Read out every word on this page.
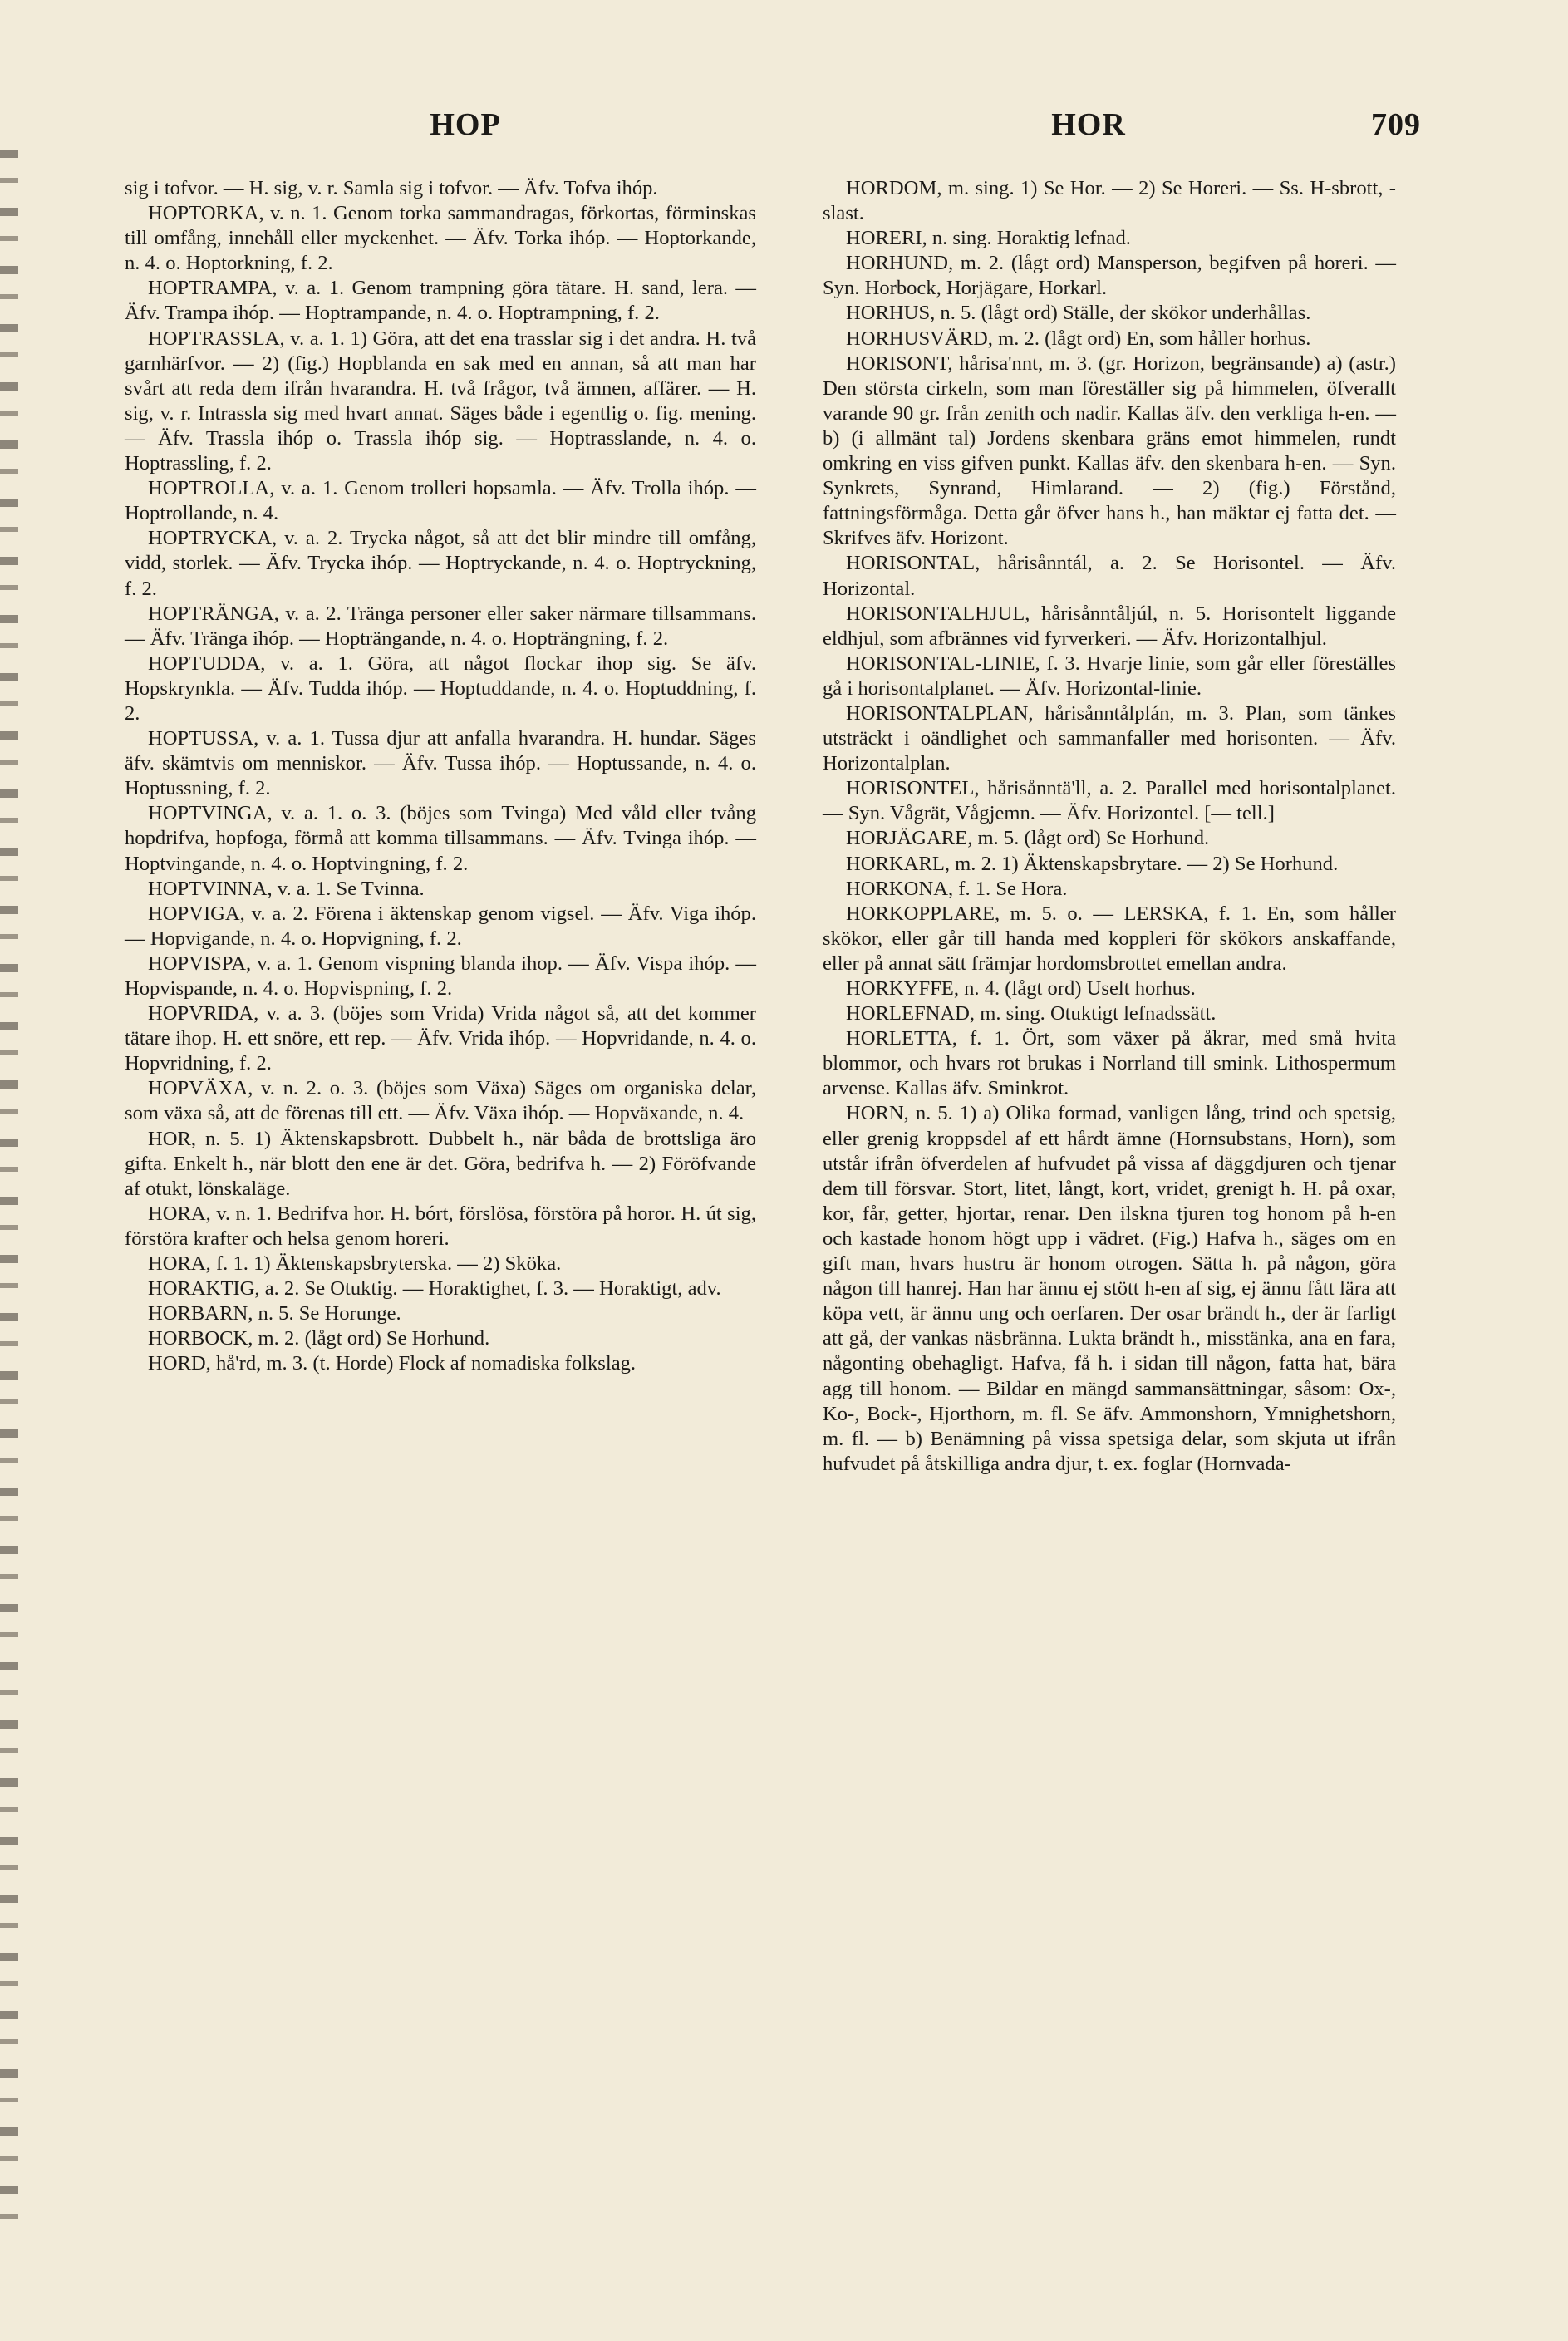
HOP	HOR	709

sig i tofvor. — H. sig, v. r. Samla sig i tofvor. — Äfv. Tofva ihóp.

HOPTORKA, v. n. 1. Genom torka sammandragas, förkortas, förminskas till omfång, innehåll eller myckenhet. — Äfv. Torka ihóp. — Hoptorkande, n. 4. o. Hoptorkning, f. 2.

HOPTRAMPA, v. a. 1. Genom trampning göra tätare. H. sand, lera. — Äfv. Trampa ihóp. — Hoptrampande, n. 4. o. Hoptrampning, f. 2.

HOPTRASSLA, v. a. 1. 1) Göra, att det ena trasslar sig i det andra. H. två garnhärfvor. — 2) (fig.) Hopblanda en sak med en annan, så att man har svårt att reda dem ifrån hvarandra. H. två frågor, två ämnen, affärer. — H. sig, v. r. Intrassla sig med hvart annat. Säges både i egentlig o. fig. mening. — Äfv. Trassla ihóp o. Trassla ihóp sig. — Hoptrasslande, n. 4. o. Hoptrassling, f. 2.

HOPTROLLA, v. a. 1. Genom trolleri hopsamla. — Äfv. Trolla ihóp. — Hoptrollande, n. 4.

HOPTRYCKA, v. a. 2. Trycka något, så att det blir mindre till omfång, vidd, storlek. — Äfv. Trycka ihóp. — Hoptryckande, n. 4. o. Hoptryckning, f. 2.

HOPTRÄNGA, v. a. 2. Tränga personer eller saker närmare tillsammans. — Äfv. Tränga ihóp. — Hopträngande, n. 4. o. Hopträngning, f. 2.

HOPTUDDA, v. a. 1. Göra, att något flockar ihop sig. Se äfv. Hopskrynkla. — Äfv. Tudda ihóp. — Hoptuddande, n. 4. o. Hoptuddning, f. 2.

HOPTUSSA, v. a. 1. Tussa djur att anfalla hvarandra. H. hundar. Säges äfv. skämtvis om menniskor. — Äfv. Tussa ihóp. — Hoptussande, n. 4. o. Hoptussning, f. 2.

HOPTVINGA, v. a. 1. o. 3. (böjes som Tvinga) Med våld eller tvång hopdrifva, hopfoga, förmå att komma tillsammans. — Äfv. Tvinga ihóp. — Hoptvingande, n. 4. o. Hoptvingning, f. 2.

HOPTVINNA, v. a. 1. Se Tvinna.

HOPVIGA, v. a. 2. Förena i äktenskap genom vigsel. — Äfv. Viga ihóp. — Hopvigande, n. 4. o. Hopvigning, f. 2.

HOPVISPA, v. a. 1. Genom vispning blanda ihop. — Äfv. Vispa ihóp. — Hopvispande, n. 4. o. Hopvispning, f. 2.

HOPVRIDA, v. a. 3. (böjes som Vrida) Vrida något så, att det kommer tätare ihop. H. ett snöre, ett rep. — Äfv. Vrida ihóp. — Hopvridande, n. 4. o. Hopvridning, f. 2.

HOPVÄXA, v. n. 2. o. 3. (böjes som Växa) Säges om organiska delar, som växa så, att de förenas till ett. — Äfv. Växa ihóp. — Hopväxande, n. 4.

HOR, n. 5. 1) Äktenskapsbrott. Dubbelt h., när båda de brottsliga äro gifta. Enkelt h., när blott den ene är det. Göra, bedrifva h. — 2) Föröfvande af otukt, lönskaläge.

HORA, v. n. 1. Bedrifva hor. H. bórt, förslösa, förstöra på horor. H. út sig, förstöra krafter och helsa genom horeri.

HORA, f. 1. 1) Äktenskapsbryterska. — 2) Sköka.

HORAKTIG, a. 2. Se Otuktig. — Horaktighet, f. 3. — Horaktigt, adv.

HORBARN, n. 5. Se Horunge.

HORBOCK, m. 2. (lågt ord) Se Horhund.

HORD, hå'rd, m. 3. (t. Horde) Flock af nomadiska folkslag.

HORDOM, m. sing. 1) Se Hor. — 2) Se Horeri. — Ss. H-sbrott, -slast.

HORERI, n. sing. Horaktig lefnad.

HORHUND, m. 2. (lågt ord) Mansperson, begifven på horeri. — Syn. Horbock, Horjägare, Horkarl.

HORHUS, n. 5. (lågt ord) Ställe, der skökor underhållas.

HORHUSVÄRD, m. 2. (lågt ord) En, som håller horhus.

HORISONT, hårisa'nnt, m. 3. (gr. Horizon, begränsande) a) (astr.) Den största cirkeln, som man föreställer sig på himmelen, öfverallt varande 90 gr. från zenith och nadir. Kallas äfv. den verkliga h-en. — b) (i allmänt tal) Jordens skenbara gräns emot himmelen, rundt omkring en viss gifven punkt. Kallas äfv. den skenbara h-en. — Syn. Synkrets, Synrand, Himlarand. — 2) (fig.) Förstånd, fattningsförmåga. Detta går öfver hans h., han mäktar ej fatta det. — Skrifves äfv. Horizont.

HORISONTAL, hårisånntál, a. 2. Se Horisontel. — Äfv. Horizontal.

HORISONTALHJUL, hårisånntåljúl, n. 5. Horisontelt liggande eldhjul, som afbrännes vid fyrverkeri. — Äfv. Horizontalhjul.

HORISONTAL-LINIE, f. 3. Hvarje linie, som går eller föreställes gå i horisontalplanet. — Äfv. Horizontal-linie.

HORISONTALPLAN, hårisånntålplán, m. 3. Plan, som tänkes utsträckt i oändlighet och sammanfaller med horisonten. — Äfv. Horizontalplan.

HORISONTEL, hårisånntä'll, a. 2. Parallel med horisontalplanet. — Syn. Vågrät, Vågjemn. — Äfv. Horizontel. [— tell.]

HORJÄGARE, m. 5. (lågt ord) Se Horhund.

HORKARL, m. 2. 1) Äktenskapsbrytare. — 2) Se Horhund.

HORKONA, f. 1. Se Hora.

HORKOPPLARE, m. 5. o. — LERSKA, f. 1. En, som håller skökor, eller går till handa med koppleri för skökors anskaffande, eller på annat sätt främjar hordomsbrottet emellan andra.

HORKYFFE, n. 4. (lågt ord) Uselt horhus.

HORLEFNAD, m. sing. Otuktigt lefnadssätt.

HORLETTA, f. 1. Ört, som växer på åkrar, med små hvita blommor, och hvars rot brukas i Norrland till smink. Lithospermum arvense. Kallas äfv. Sminkrot.

HORN, n. 5. 1) a) Olika formad, vanligen lång, trind och spetsig, eller grenig kroppsdel af ett hårdt ämne (Hornsubstans, Horn), som utstår ifrån öfverdelen af hufvudet på vissa af däggdjuren och tjenar dem till försvar. Stort, litet, långt, kort, vridet, grenigt h. H. på oxar, kor, får, getter, hjortar, renar. Den ilskna tjuren tog honom på h-en och kastade honom högt upp i vädret. (Fig.) Hafva h., säges om en gift man, hvars hustru är honom otrogen. Sätta h. på någon, göra någon till hanrej. Han har ännu ej stött h-en af sig, ej ännu fått lära att köpa vett, är ännu ung och oerfaren. Der osar brändt h., der är farligt att gå, der vankas näsbränna. Lukta brändt h., misstänka, ana en fara, någonting obehagligt. Hafva, få h. i sidan till någon, fatta hat, bära agg till honom. — Bildar en mängd sammansättningar, såsom: Ox-, Ko-, Bock-, Hjorthorn, m. fl. Se äfv. Ammonshorn, Ymnighetshorn, m. fl. — b) Benämning på vissa spetsiga delar, som skjuta ut ifrån hufvudet på åtskilliga andra djur, t. ex. foglar (Hornvada-
